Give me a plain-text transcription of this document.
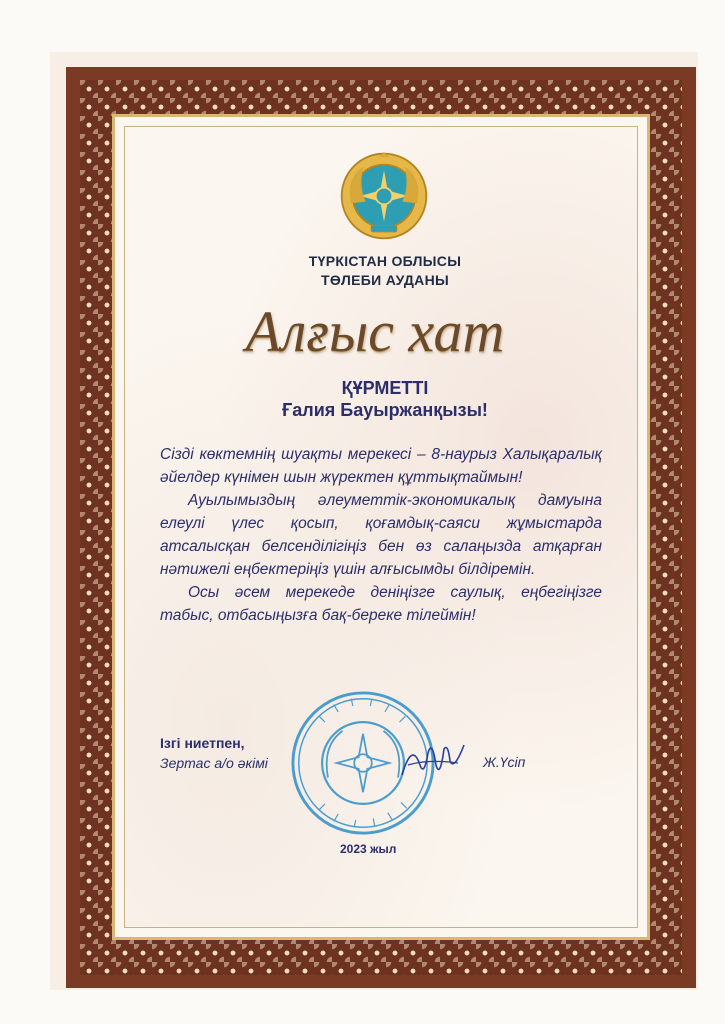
ТҮРКІСТАН ОБЛЫСЫ
ТӨЛЕБИ АУДАНЫ
Алғыс хат
ҚҰРМЕТТІ
Ғалия Бауыржанқызы!

Сізді көктемнің шуақты мерекесі – 8-наурыз Халықаралық әйелдер күнімен шын жүректен құттықтаймын!

Ауылымыздың әлеуметтік-экономикалық дамуына елеулі үлес қосып, қоғамдық-саяси жұмыстарда атсалысқан белсенділігіңіз бен өз салаңызда атқарған нәтижелі еңбектеріңіз үшін алғысымды білдіремін.

Осы әсем мерекеде деніңізге саулық, еңбегіңізге табыс, отбасыңызға бақ-береке тілеймін!

Ізгі ниетпен,
Зертас а/о әкімі	Ж.Үсіп
2023 жыл
